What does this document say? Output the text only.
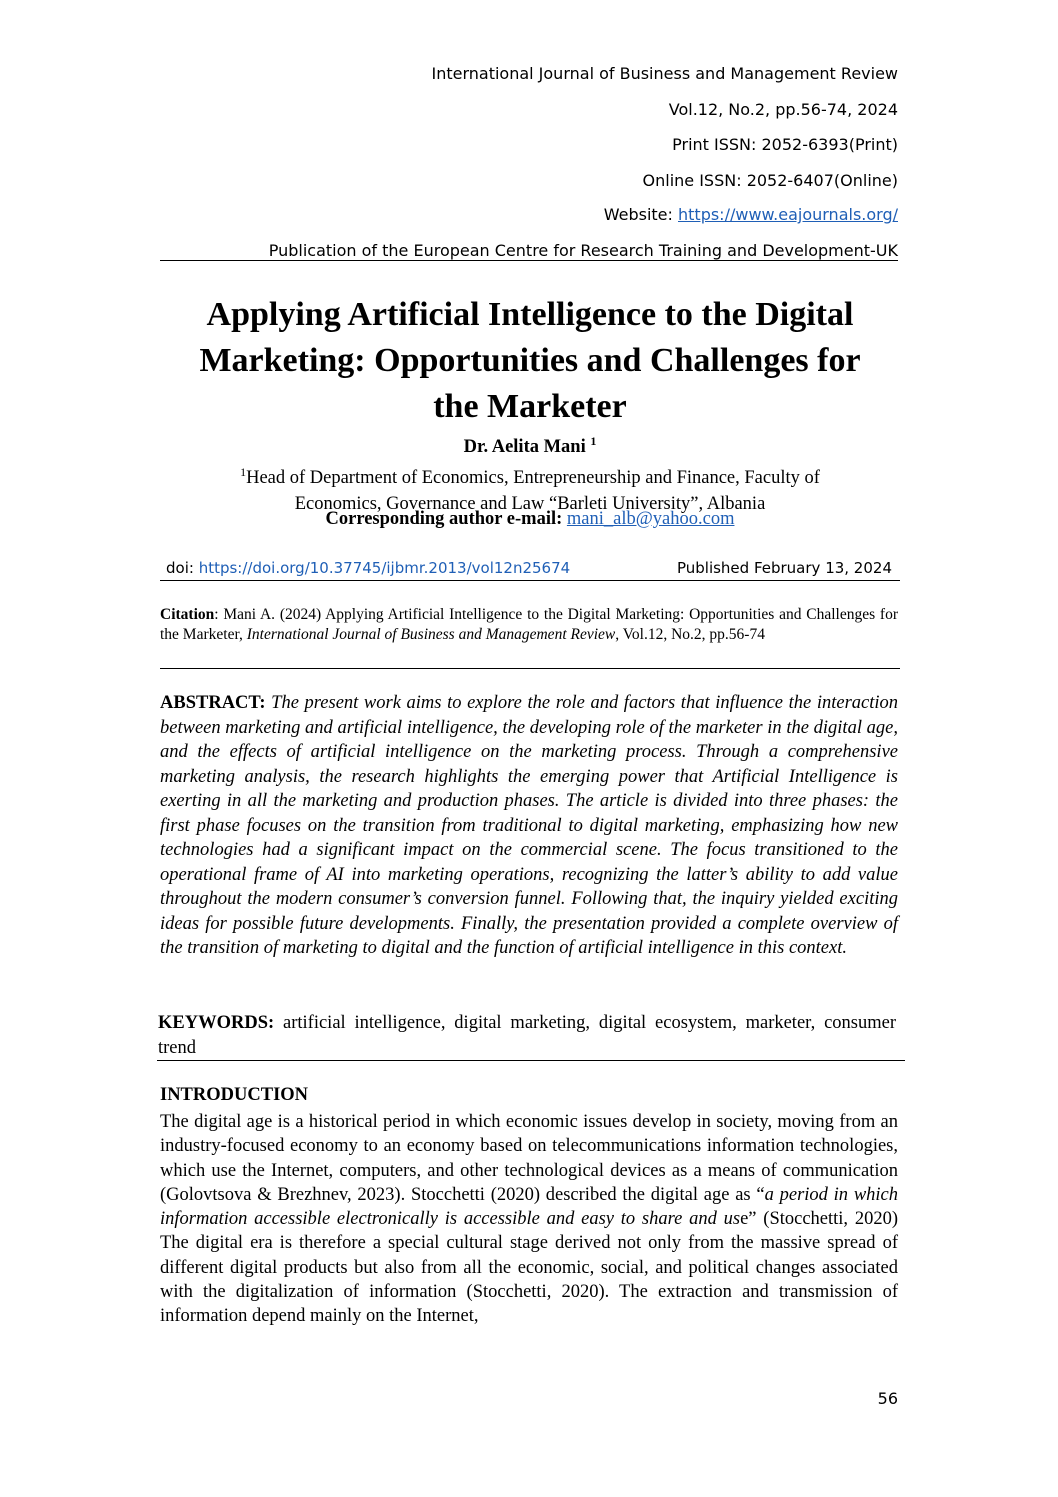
International Journal of Business and Management Review
Vol.12, No.2, pp.56-74, 2024
Print ISSN: 2052-6393(Print)
Online ISSN: 2052-6407(Online)
Website: https://www.eajournals.org/
Publication of the European Centre for Research Training and Development-UK
Applying Artificial Intelligence to the Digital
Marketing: Opportunities and Challenges for
the Marketer
Dr. Aelita Mani $^1$
$^1$Head of Department of Economics, Entrepreneurship and Finance, Faculty of
Economics, Governance and Law “Barleti University”, Albania
Corresponding author e-mail: mani_alb@yahoo.com
doi: https://doi.org/10.37745/ijbmr.2013/vol12n25674	Published February 13, 2024
Citation: Mani A. (2024) Applying Artificial Intelligence to the Digital Marketing: Opportunities and Challenges for the Marketer, International Journal of Business and Management Review, Vol.12, No.2, pp.56-74
ABSTRACT: The present work aims to explore the role and factors that influence the interaction between marketing and artificial intelligence, the developing role of the marketer in the digital age, and the effects of artificial intelligence on the marketing process. Through a comprehensive marketing analysis, the research highlights the emerging power that Artificial Intelligence is exerting in all the marketing and production phases. The article is divided into three phases: the first phase focuses on the transition from traditional to digital marketing, emphasizing how new technologies had a significant impact on the commercial scene. The focus transitioned to the operational frame of AI into marketing operations, recognizing the latter’s ability to add value throughout the modern consumer’s conversion funnel. Following that, the inquiry yielded exciting ideas for possible future developments. Finally, the presentation provided a complete overview of the transition of marketing to digital and the function of artificial intelligence in this context.
KEYWORDS: artificial intelligence, digital marketing, digital ecosystem, marketer, consumer trend
INTRODUCTION
The digital age is a historical period in which economic issues develop in society, moving from an industry-focused economy to an economy based on telecommunications information technologies, which use the Internet, computers, and other technological devices as a means of communication (Golovtsova & Brezhnev, 2023). Stocchetti (2020) described the digital age as “a period in which information accessible electronically is accessible and easy to share and use” (Stocchetti, 2020) The digital era is therefore a special cultural stage derived not only from the massive spread of different digital products but also from all the economic, social, and political changes associated with the digitalization of information (Stocchetti, 2020). The extraction and transmission of information depend mainly on the Internet,
56
